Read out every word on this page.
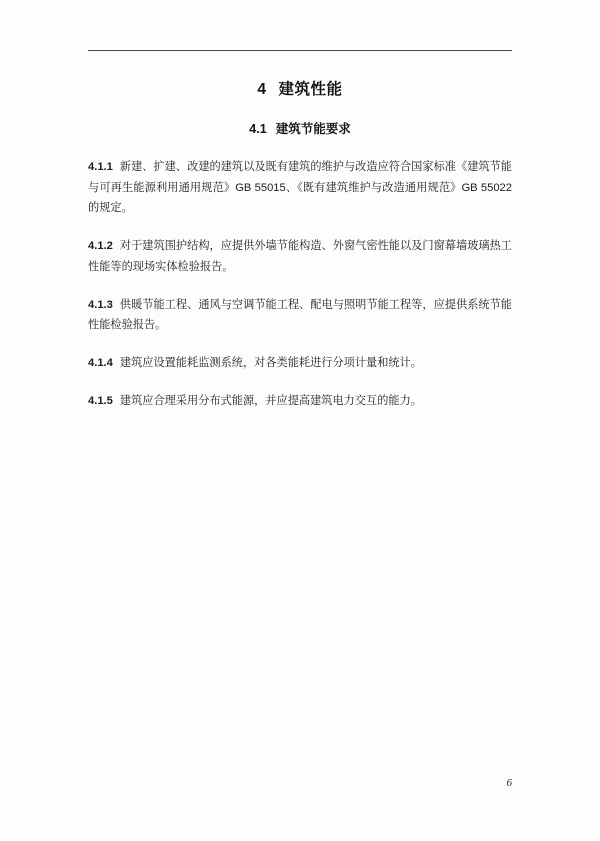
4 建筑性能
4.1 建筑节能要求

4.1.1 新建、扩建、改建的建筑以及既有建筑的维护与改造应符合国家标准《建筑节能与可再生能源利用通用规范》GB 55015、《既有建筑维护与改造通用规范》GB 55022 的规定。

4.1.2 对于建筑围护结构，应提供外墙节能构造、外窗气密性能以及门窗幕墙玻璃热工性能等的现场实体检验报告。

4.1.3 供暖节能工程、通风与空调节能工程、配电与照明节能工程等，应提供系统节能性能检验报告。

4.1.4 建筑应设置能耗监测系统，对各类能耗进行分项计量和统计。

4.1.5 建筑应合理采用分布式能源，并应提高建筑电力交互的能力。

6
